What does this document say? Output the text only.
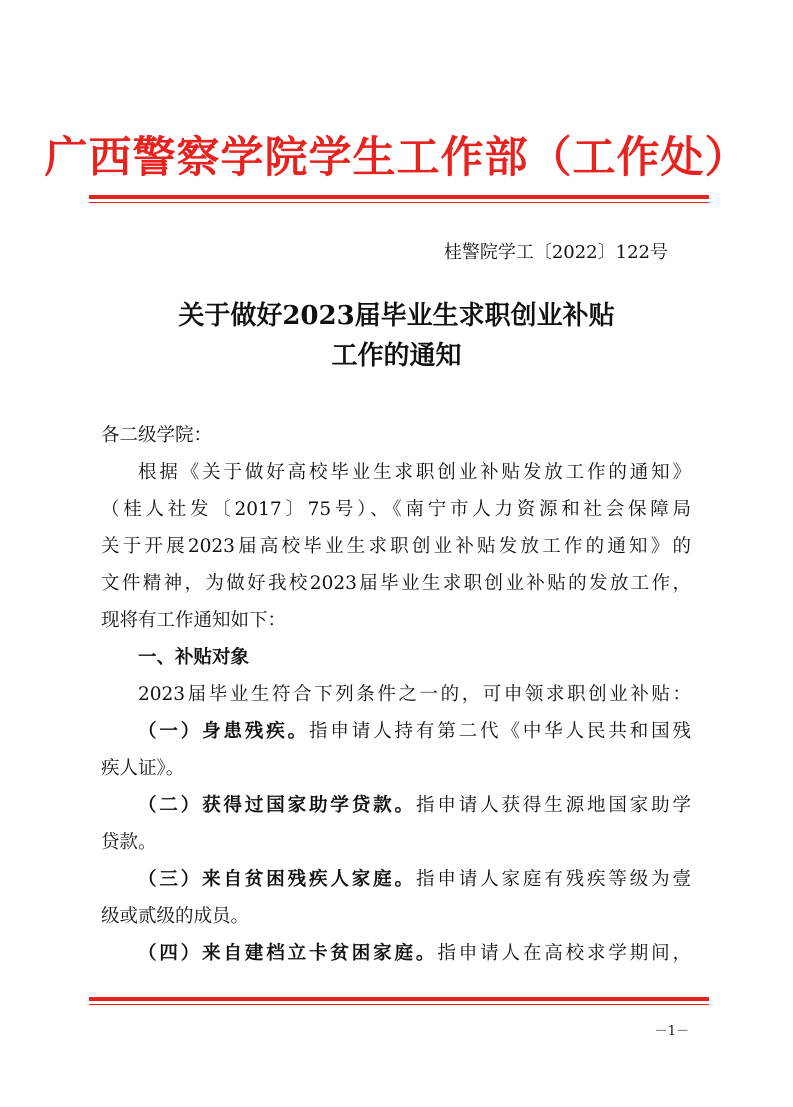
广西警察学院学生工作部（工作处）
桂警院学工〔2022〕122号
关于做好2023届毕业生求职创业补贴
工作的通知
各二级学院：
根据《关于做好高校毕业生求职创业补贴发放工作的通知》
（桂人社发〔2017〕75号）、《南宁市人力资源和社会保障局
关于开展2023届高校毕业生求职创业补贴发放工作的通知》的
文件精神，为做好我校2023届毕业生求职创业补贴的发放工作，
现将有工作通知如下：
一、补贴对象
2023届毕业生符合下列条件之一的，可申领求职创业补贴：
（一）身患残疾。指申请人持有第二代《中华人民共和国残
疾人证》。
（二）获得过国家助学贷款。指申请人获得生源地国家助学
贷款。
（三）来自贫困残疾人家庭。指申请人家庭有残疾等级为壹
级或贰级的成员。
（四）来自建档立卡贫困家庭。指申请人在高校求学期间，
－1－
